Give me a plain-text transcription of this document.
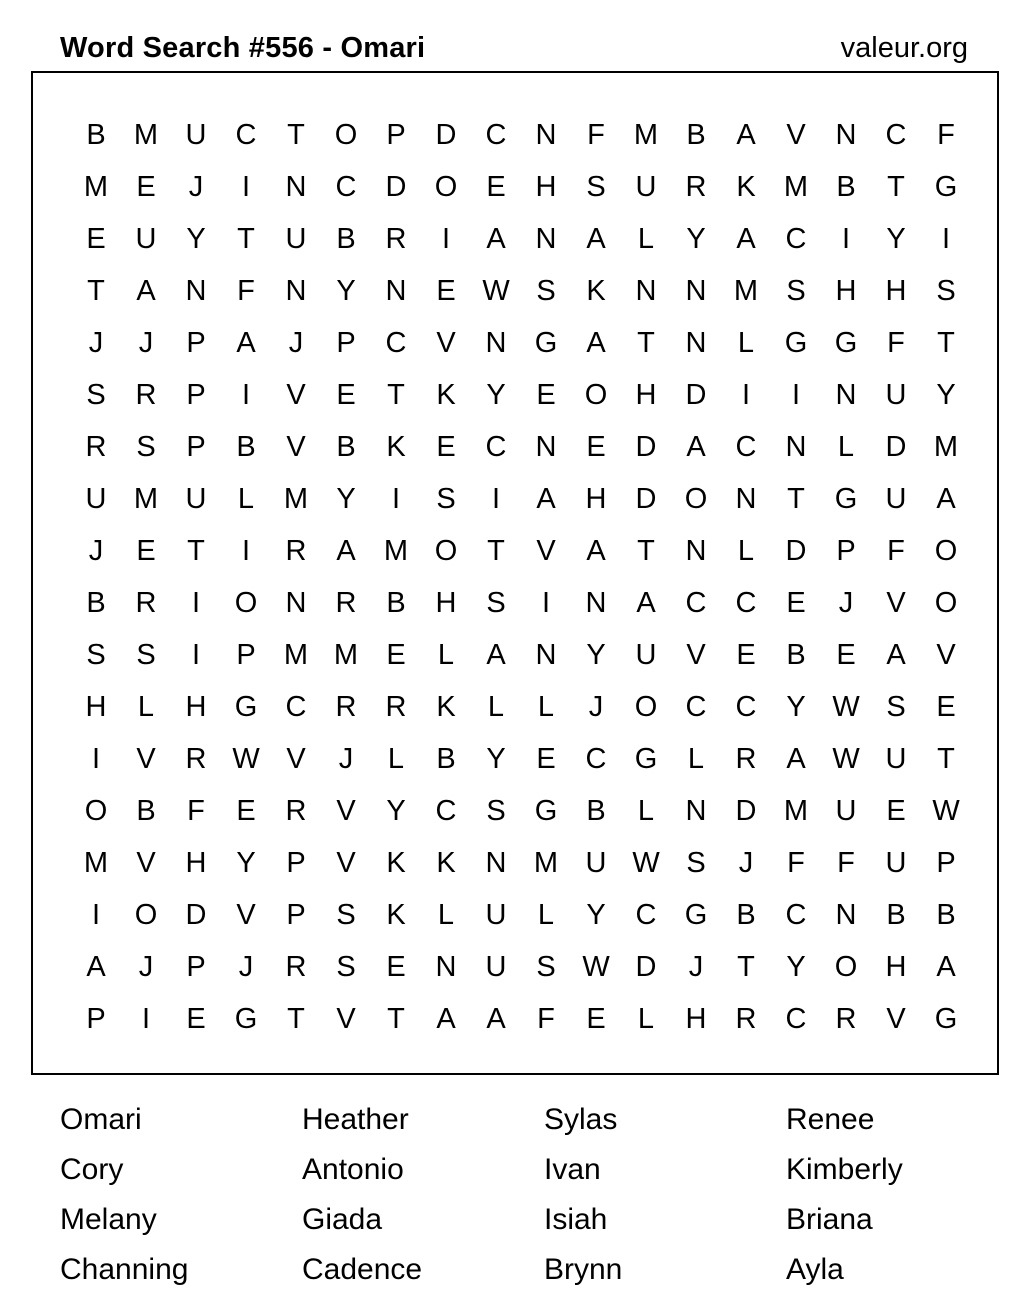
Word Search #556 - Omari	valeur.org
B M U	C	T	O	P	D	C	N	F	M B	A	V	N	C	F
M E	J	I	N	C	D O	E	H	S	U	R	K M B	T	G
E	U	Y	T	U	B	R	I	A	N	A	L	Y	A	C	I	Y	I
T	A	N	F	N	Y	N	E W S	K	N	N M S	H	H	S
J	J	P	A	J	P	C	V	N G	A	T	N	L	G G	F	T
S	R	P	I	V	E	T	K	Y	E	O H	D	I	I	N	U	Y
R	S	P	B	V	B	K	E	C	N	E	D	A	C	N	L	D M
U M U	L	M Y	I	S	I	A	H	D O N	T	G U	A
J	E	T	I	R	A M O	T	V	A	T	N	L	D	P	F	O
B	R	I	O N	R	B	H	S	I	N	A	C	C	E	J	V	O
S	S	I	P M M E	L	A	N	Y	U	V	E	B	E	A	V
H	L	H G C	R	R	K	L	L	J	O C	C	Y W S	E
I	V	R W V	J	L	B	Y	E	C G	L	R	A W U	T
O	B	F	E	R	V	Y	C	S	G	B	L	N	D M U	E W
M V	H	Y	P	V	K	K	N M U W S	J	F	F	U	P
I	O D	V	P	S	K	L	U	L	Y	C G	B	C	N	B	B
A	J	P	J	R	S	E	N	U	S W D	J	T	Y	O H	A
P	I	E	G	T	V	T	A	A	F	E	L	H	R	C	R	V	G
Omari	Heather	Sylas	Renee
Cory	Antonio	Ivan	Kimberly
Melany	Giada	Isiah	Briana
Channing	Cadence	Brynn	Ayla
